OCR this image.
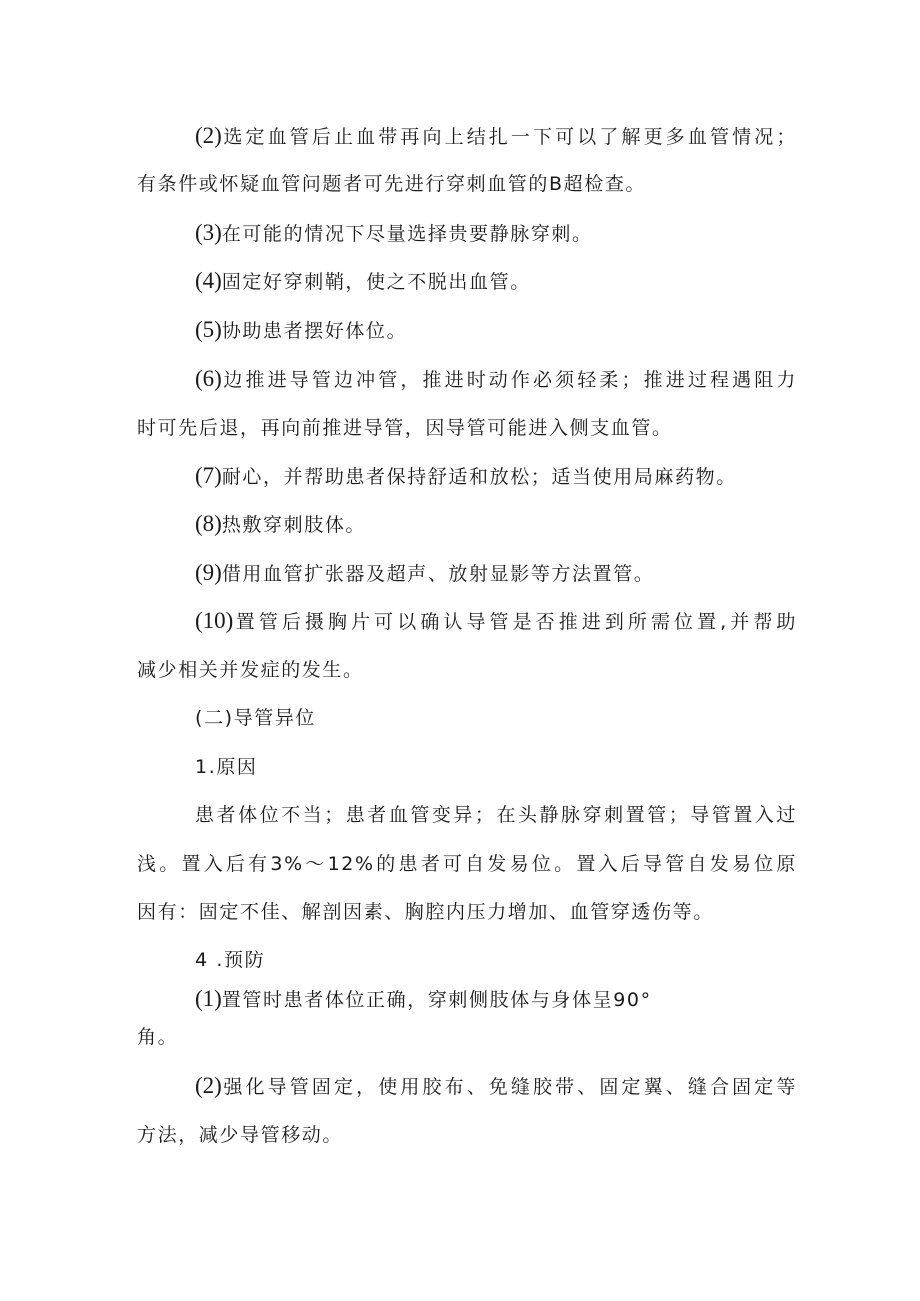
(2)选定血管后止血带再向上结扎一下可以了解更多血管情况；

有条件或怀疑血管问题者可先进行穿刺血管的B超检查。

(3)在可能的情况下尽量选择贵要静脉穿刺。

(4)固定好穿刺鞘，使之不脱出血管。

(5)协助患者摆好体位。

(6)边推进导管边冲管，推进时动作必须轻柔；推进过程遇阻力

时可先后退，再向前推进导管，因导管可能进入侧支血管。

(7)耐心，并帮助患者保持舒适和放松；适当使用局麻药物。

(8)热敷穿刺肢体。

(9)借用血管扩张器及超声、放射显影等方法置管。

(10)置管后摄胸片可以确认导管是否推进到所需位置,并帮助

减少相关并发症的发生。

(二)导管异位

1.原因

患者体位不当；患者血管变异；在头静脉穿刺置管；导管置入过

浅。置入后有3%～12%的患者可自发易位。置入后导管自发易位原

因有：固定不佳、解剖因素、胸腔内压力增加、血管穿透伤等。

4 .预防

(1)置管时患者体位正确，穿刺侧肢体与身体呈90°

角。

(2)强化导管固定，使用胶布、免缝胶带、固定翼、缝合固定等

方法，减少导管移动。
